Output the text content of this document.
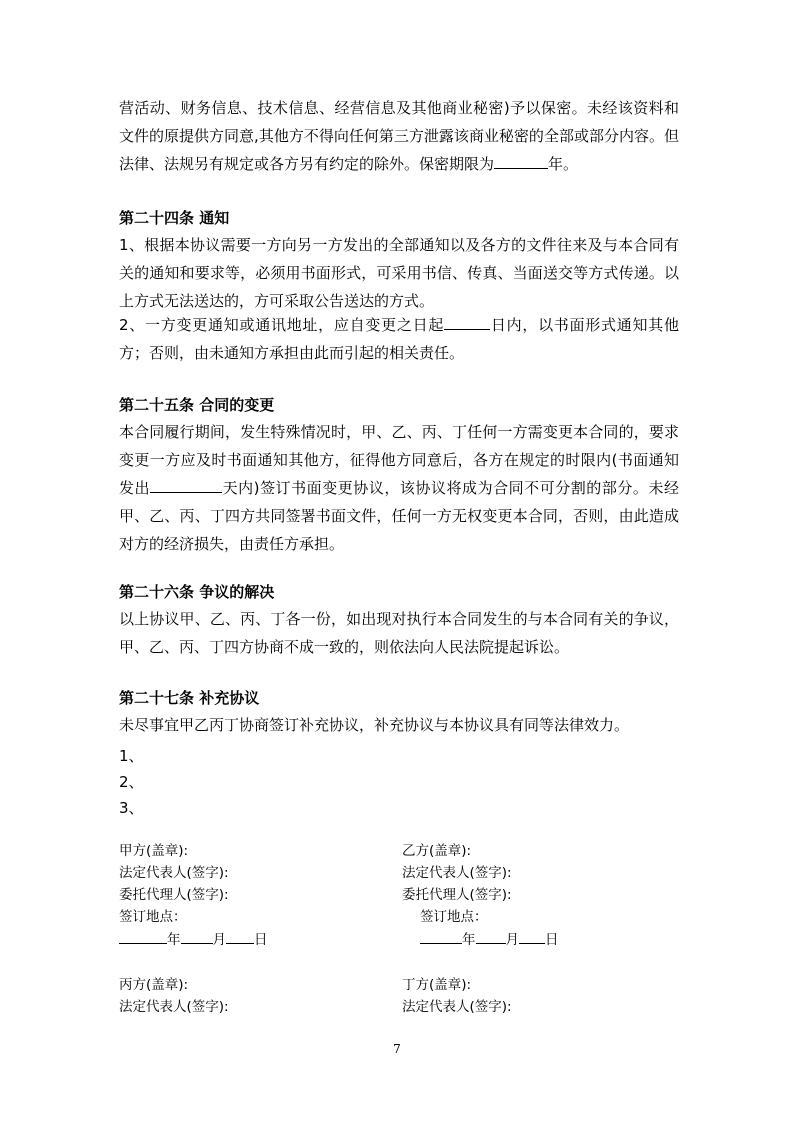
营活动、财务信息、技术信息、经营信息及其他商业秘密)予以保密。未经该资料和文件的原提供方同意,其他方不得向任何第三方泄露该商业秘密的全部或部分内容。但法律、法规另有规定或各方另有约定的除外。保密期限为	年。

第二十四条 通知

1、根据本协议需要一方向另一方发出的全部通知以及各方的文件往来及与本合同有关的通知和要求等，必须用书面形式，可采用书信、传真、当面送交等方式传递。以上方式无法送达的，方可采取公告送达的方式。

2、一方变更通知或通讯地址，应自变更之日起	日内，以书面形式通知其他方；否则，由未通知方承担由此而引起的相关责任。

第二十五条 合同的变更

本合同履行期间，发生特殊情况时，甲、乙、丙、丁任何一方需变更本合同的，要求变更一方应及时书面通知其他方，征得他方同意后，各方在规定的时限内(书面通知发出	天内)签订书面变更协议，该协议将成为合同不可分割的部分。未经甲、乙、丙、丁四方共同签署书面文件，任何一方无权变更本合同，否则，由此造成对方的经济损失，由责任方承担。

第二十六条 争议的解决

以上协议甲、乙、丙、丁各一份，如出现对执行本合同发生的与本合同有关的争议，甲、乙、丙、丁四方协商不成一致的，则依法向人民法院提起诉讼。

第二十七条 补充协议

未尽事宜甲乙丙丁协商签订补充协议，补充协议与本协议具有同等法律效力。

1、

2、

3、

甲方(盖章):

法定代表人(签字):

委托代理人(签字):

签订地点：

年 月 日

乙方(盖章):

法定代表人(签字):

委托代理人(签字):

签订地点：

年 月 日

丙方(盖章):

法定代表人(签字):

丁方(盖章):

法定代表人(签字):

7
